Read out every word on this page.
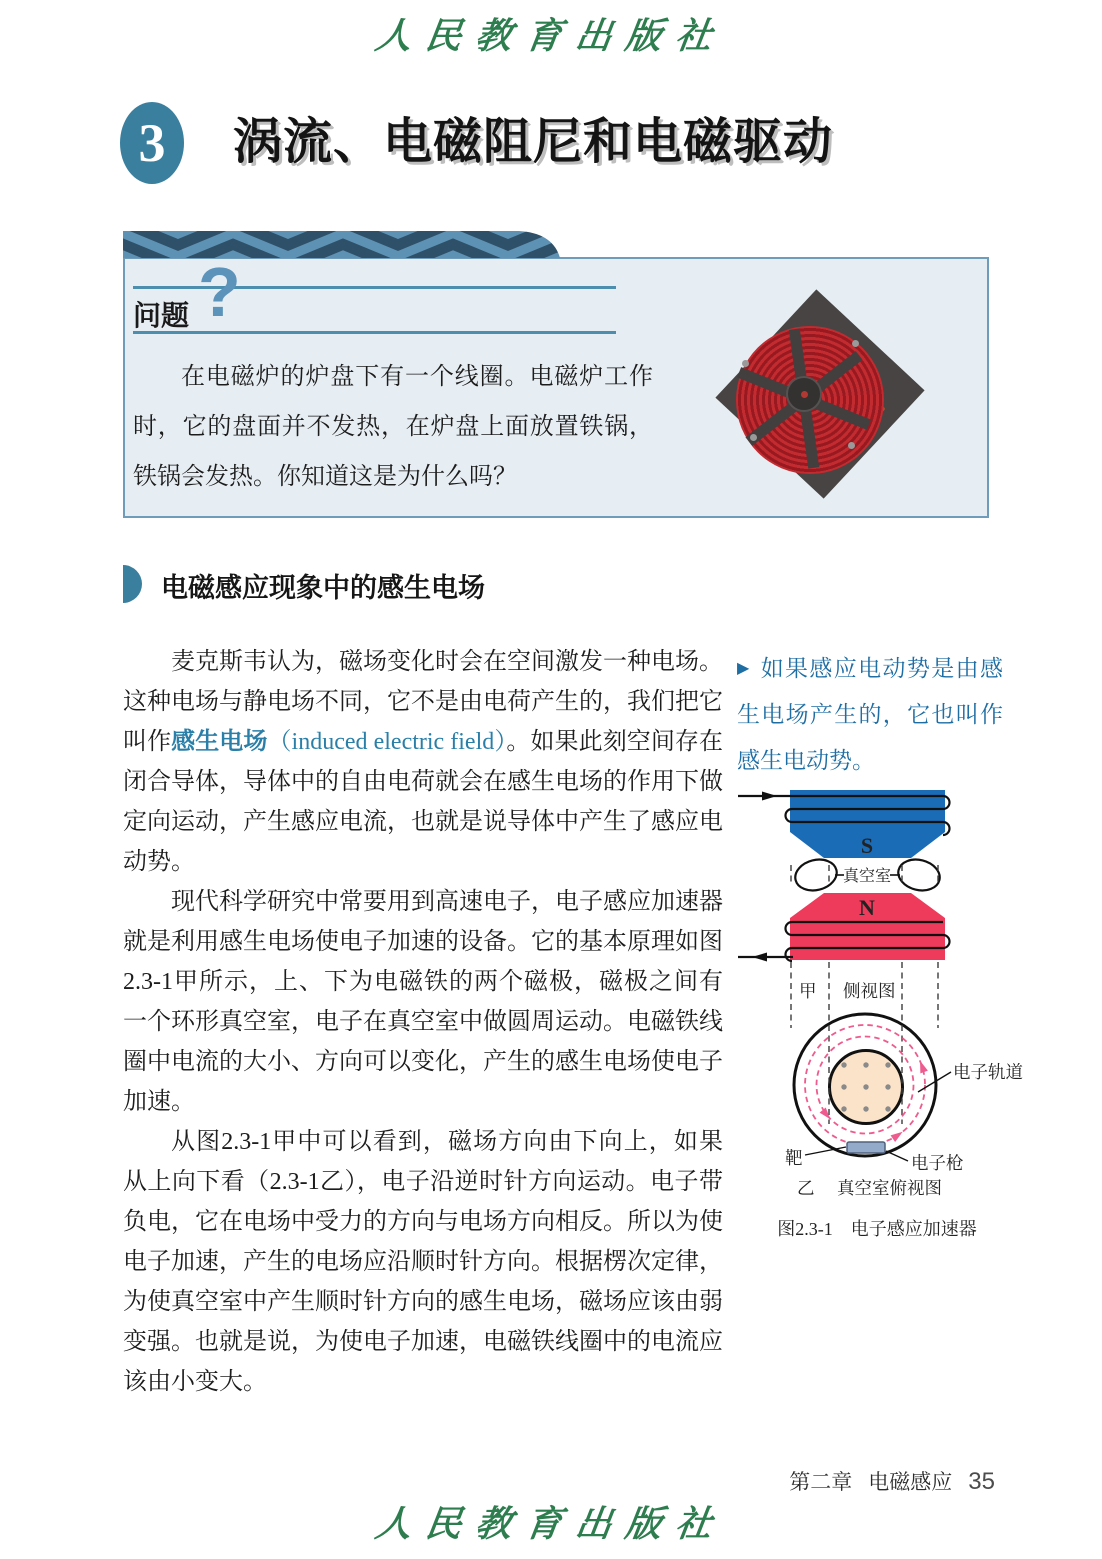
人民教育出版社
3	涡流、电磁阻尼和电磁驱动
问题 ?
在电磁炉的炉盘下有一个线圈。电磁炉工作时，它的盘面并不发热，在炉盘上面放置铁锅，铁锅会发热。你知道这是为什么吗？
电磁感应现象中的感生电场

麦克斯韦认为，磁场变化时会在空间激发一种电场。这种电场与静电场不同，它不是由电荷产生的，我们把它叫作感生电场（induced electric field）。如果此刻空间存在闭合导体，导体中的自由电荷就会在感生电场的作用下做定向运动，产生感应电流，也就是说导体中产生了感应电动势。

现代科学研究中常要用到高速电子，电子感应加速器就是利用感生电场使电子加速的设备。它的基本原理如图2.3-1甲所示，上、下为电磁铁的两个磁极，磁极之间有一个环形真空室，电子在真空室中做圆周运动。电磁铁线圈中电流的大小、方向可以变化，产生的感生电场使电子加速。

从图2.3-1甲中可以看到，磁场方向由下向上，如果从上向下看（2.3-1乙），电子沿逆时针方向运动。电子带负电，它在电场中受力的方向与电场方向相反。所以为使电子加速，产生的电场应沿顺时针方向。根据楞次定律，为使真空室中产生顺时针方向的感生电场，磁场应该由弱变强。也就是说，为使电子加速，电磁铁线圈中的电流应该由小变大。

▶ 如果感应电动势是由感生电场产生的，它也叫作感生电动势。
S
真空室
N
甲 侧视图
电子轨道
靶	电子枪
乙 真空室俯视图
图2.3-1　电子感应加速器
第二章 电磁感应 35
人民教育出版社
